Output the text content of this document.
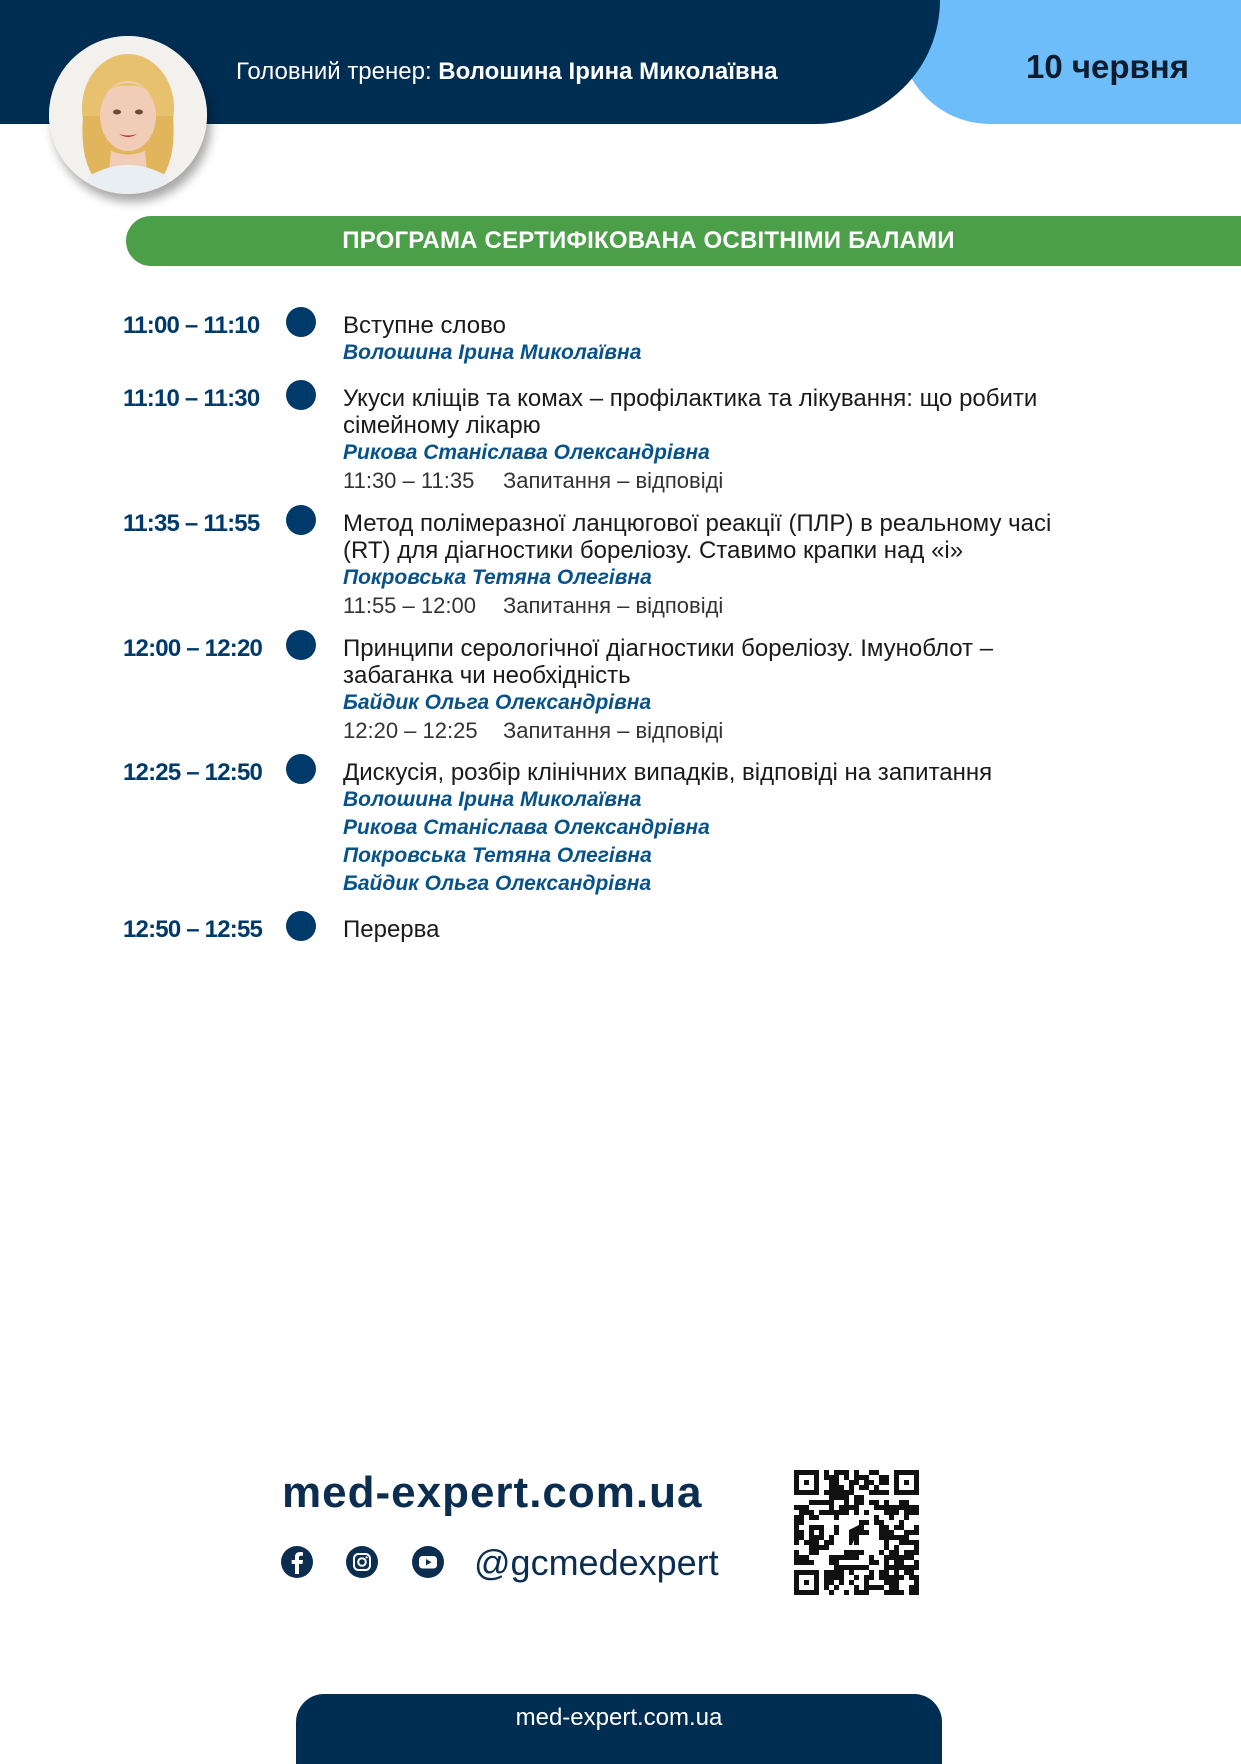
10 червня
Головний тренер: Волошина Ірина Миколаївна
ПРОГРАМА СЕРТИФІКОВАНА ОСВІТНІМИ БАЛАМИ
11:00 – 11:10	Вступне слово
Волошина Ірина Миколаївна
11:10 – 11:30	Укуси кліщів та комах – профілактика та лікування: що робити
сімейному лікарю
Рикова Станіслава Олександрівна
11:30 – 11:35 Запитання – відповіді
11:35 – 11:55	Метод полімеразної ланцюгової реакції (ПЛР) в реальному часі
(RT) для діагностики бореліозу. Ставимо крапки над «і»
Покровська Тетяна Олегівна
11:55 – 12:00 Запитання – відповіді
12:00 – 12:20	Принципи серологічної діагностики бореліозу. Імуноблот –
забаганка чи необхідність
Байдик Ольга Олександрівна
12:20 – 12:25 Запитання – відповіді
12:25 – 12:50	Дискусія, розбір клінічних випадків, відповіді на запитання
Волошина Ірина Миколаївна
Рикова Станіслава Олександрівна
Покровська Тетяна Олегівна
Байдик Ольга Олександрівна
12:50 – 12:55	Перерва
med-expert.com.ua
@gcmedexpert
med-expert.com.ua
